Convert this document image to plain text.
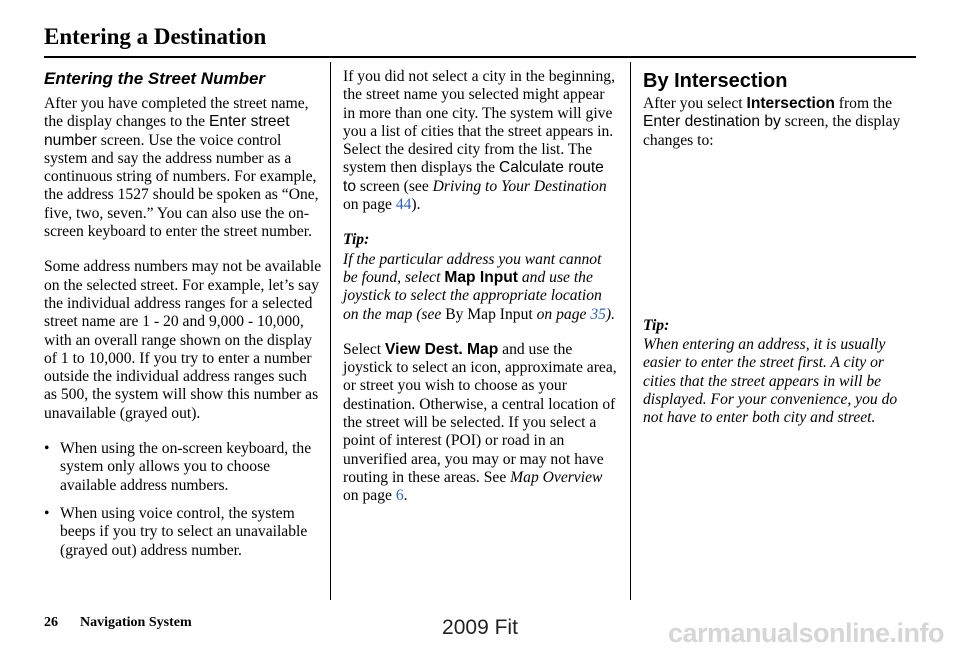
Entering a Destination
Entering the Street Number

After you have completed the street name, the display changes to the Enter street number screen. Use the voice control system and say the address number as a continuous string of numbers. For example, the address 1527 should be spoken as “One, five, two, seven.” You can also use the on-screen keyboard to enter the street number.

Some address numbers may not be available on the selected street. For example, let’s say the individual address ranges for a selected street name are 1 - 20 and 9,000 - 10,000, with an overall range shown on the display of 1 to 10,000. If you try to enter a number outside the individual address ranges such as 500, the system will show this number as unavailable (grayed out).

• When using the on-screen keyboard, the system only allows you to choose available address numbers.
• When using voice control, the system beeps if you try to select an unavailable (grayed out) address number.

If you did not select a city in the beginning, the street name you selected might appear in more than one city. The system will give you a list of cities that the street appears in. Select the desired city from the list. The system then displays the Calculate route to screen (see Driving to Your Destination on page 44).

Tip:

If the particular address you want cannot be found, select Map Input and use the joystick to select the appropriate location on the map (see By Map Input on page 35).

Select View Dest. Map and use the joystick to select an icon, approximate area, or street you wish to choose as your destination. Otherwise, a central location of the street will be selected. If you select a point of interest (POI) or road in an unverified area, you may or may not have routing in these areas. See Map Overview on page 6.

By Intersection

After you select Intersection from the Enter destination by screen, the display changes to:

Tip:

When entering an address, it is usually easier to enter the street first. A city or cities that the street appears in will be displayed. For your convenience, you do not have to enter both city and street.

26 Navigation System	2009 Fit	carmanualsonline.info
